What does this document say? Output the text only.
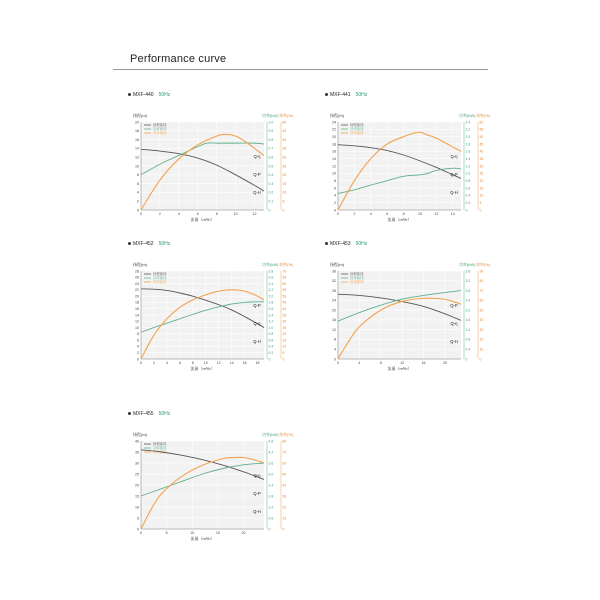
Performance curve
MXF-440 50Hz
0
2
4
6
8
10
12
14
16
18
20
0	2	4	6	8	10	12
0
0.1
0.2
0.3
0.4
0.5
0.6
0.7
0.8
0.9
1.0
0
5
10
15
20
25
30
35
40
45
50
扬程(m)	功率(kW) 效率(%)
流量（m³/h）
扬程曲线
功率曲线
效率曲线
Q-η
Q-P
Q-H
MXF-441 50Hz
0
2
4
6
8
10
12
14
16
18
20
22
24
0	2	4	6	8	10	12	14
0
0.2
0.4
0.6
0.8
1.0
1.2
1.4
1.6
1.8
2.0
2.2
2.4
0
5
10
15
20
25
30
35
40
45
50
55
60
扬程(m)	功率(kW) 效率(%)
流量（m³/h）
扬程曲线
功率曲线
效率曲线
Q-η
Q-P
Q-H
MXF-452 50Hz
0
2
4
6
8
10
12
14
16
18
20
22
24
26
28
0	2	4	6	8	10 12 14 16 18
0
0.2
0.4
0.6
0.8
1.0
1.2
1.4
1.6
1.8
2.0
2.2
2.4
2.6
2.8
0
5
10
15
20
25
30
35
40
45
50
55
60
65
70
扬程(m)	功率(kW) 效率(%)
流量（m³/h）
扬程曲线
功率曲线
效率曲线
Q-P
Q-η
Q-H
MXF-453 50Hz
0
4
8
12
16
20
24
28
32
36
0	4	8	12	16	20
0
0.4
0.8
1.2
1.6
2.0
2.4
2.8
3.2
3.6
0
10
20
30
40
50
60
70
80
90
扬程(m)	功率(kW) 效率(%)
流量（m³/h）
扬程曲线
功率曲线
效率曲线
Q-P
Q-η
Q-H
MXF-455 50Hz
0
5
10
15
20
25
30
35
40
0	5	10	15	20
0
0.6
1.2
1.8
2.4
3.0
3.6
4.2
4.8
0
10
20
30
40
50
60
70
80
扬程(m)	功率(kW) 效率(%)
流量（m³/h）
扬程曲线
功率曲线
效率曲线
Q-η
Q-P
Q-H
